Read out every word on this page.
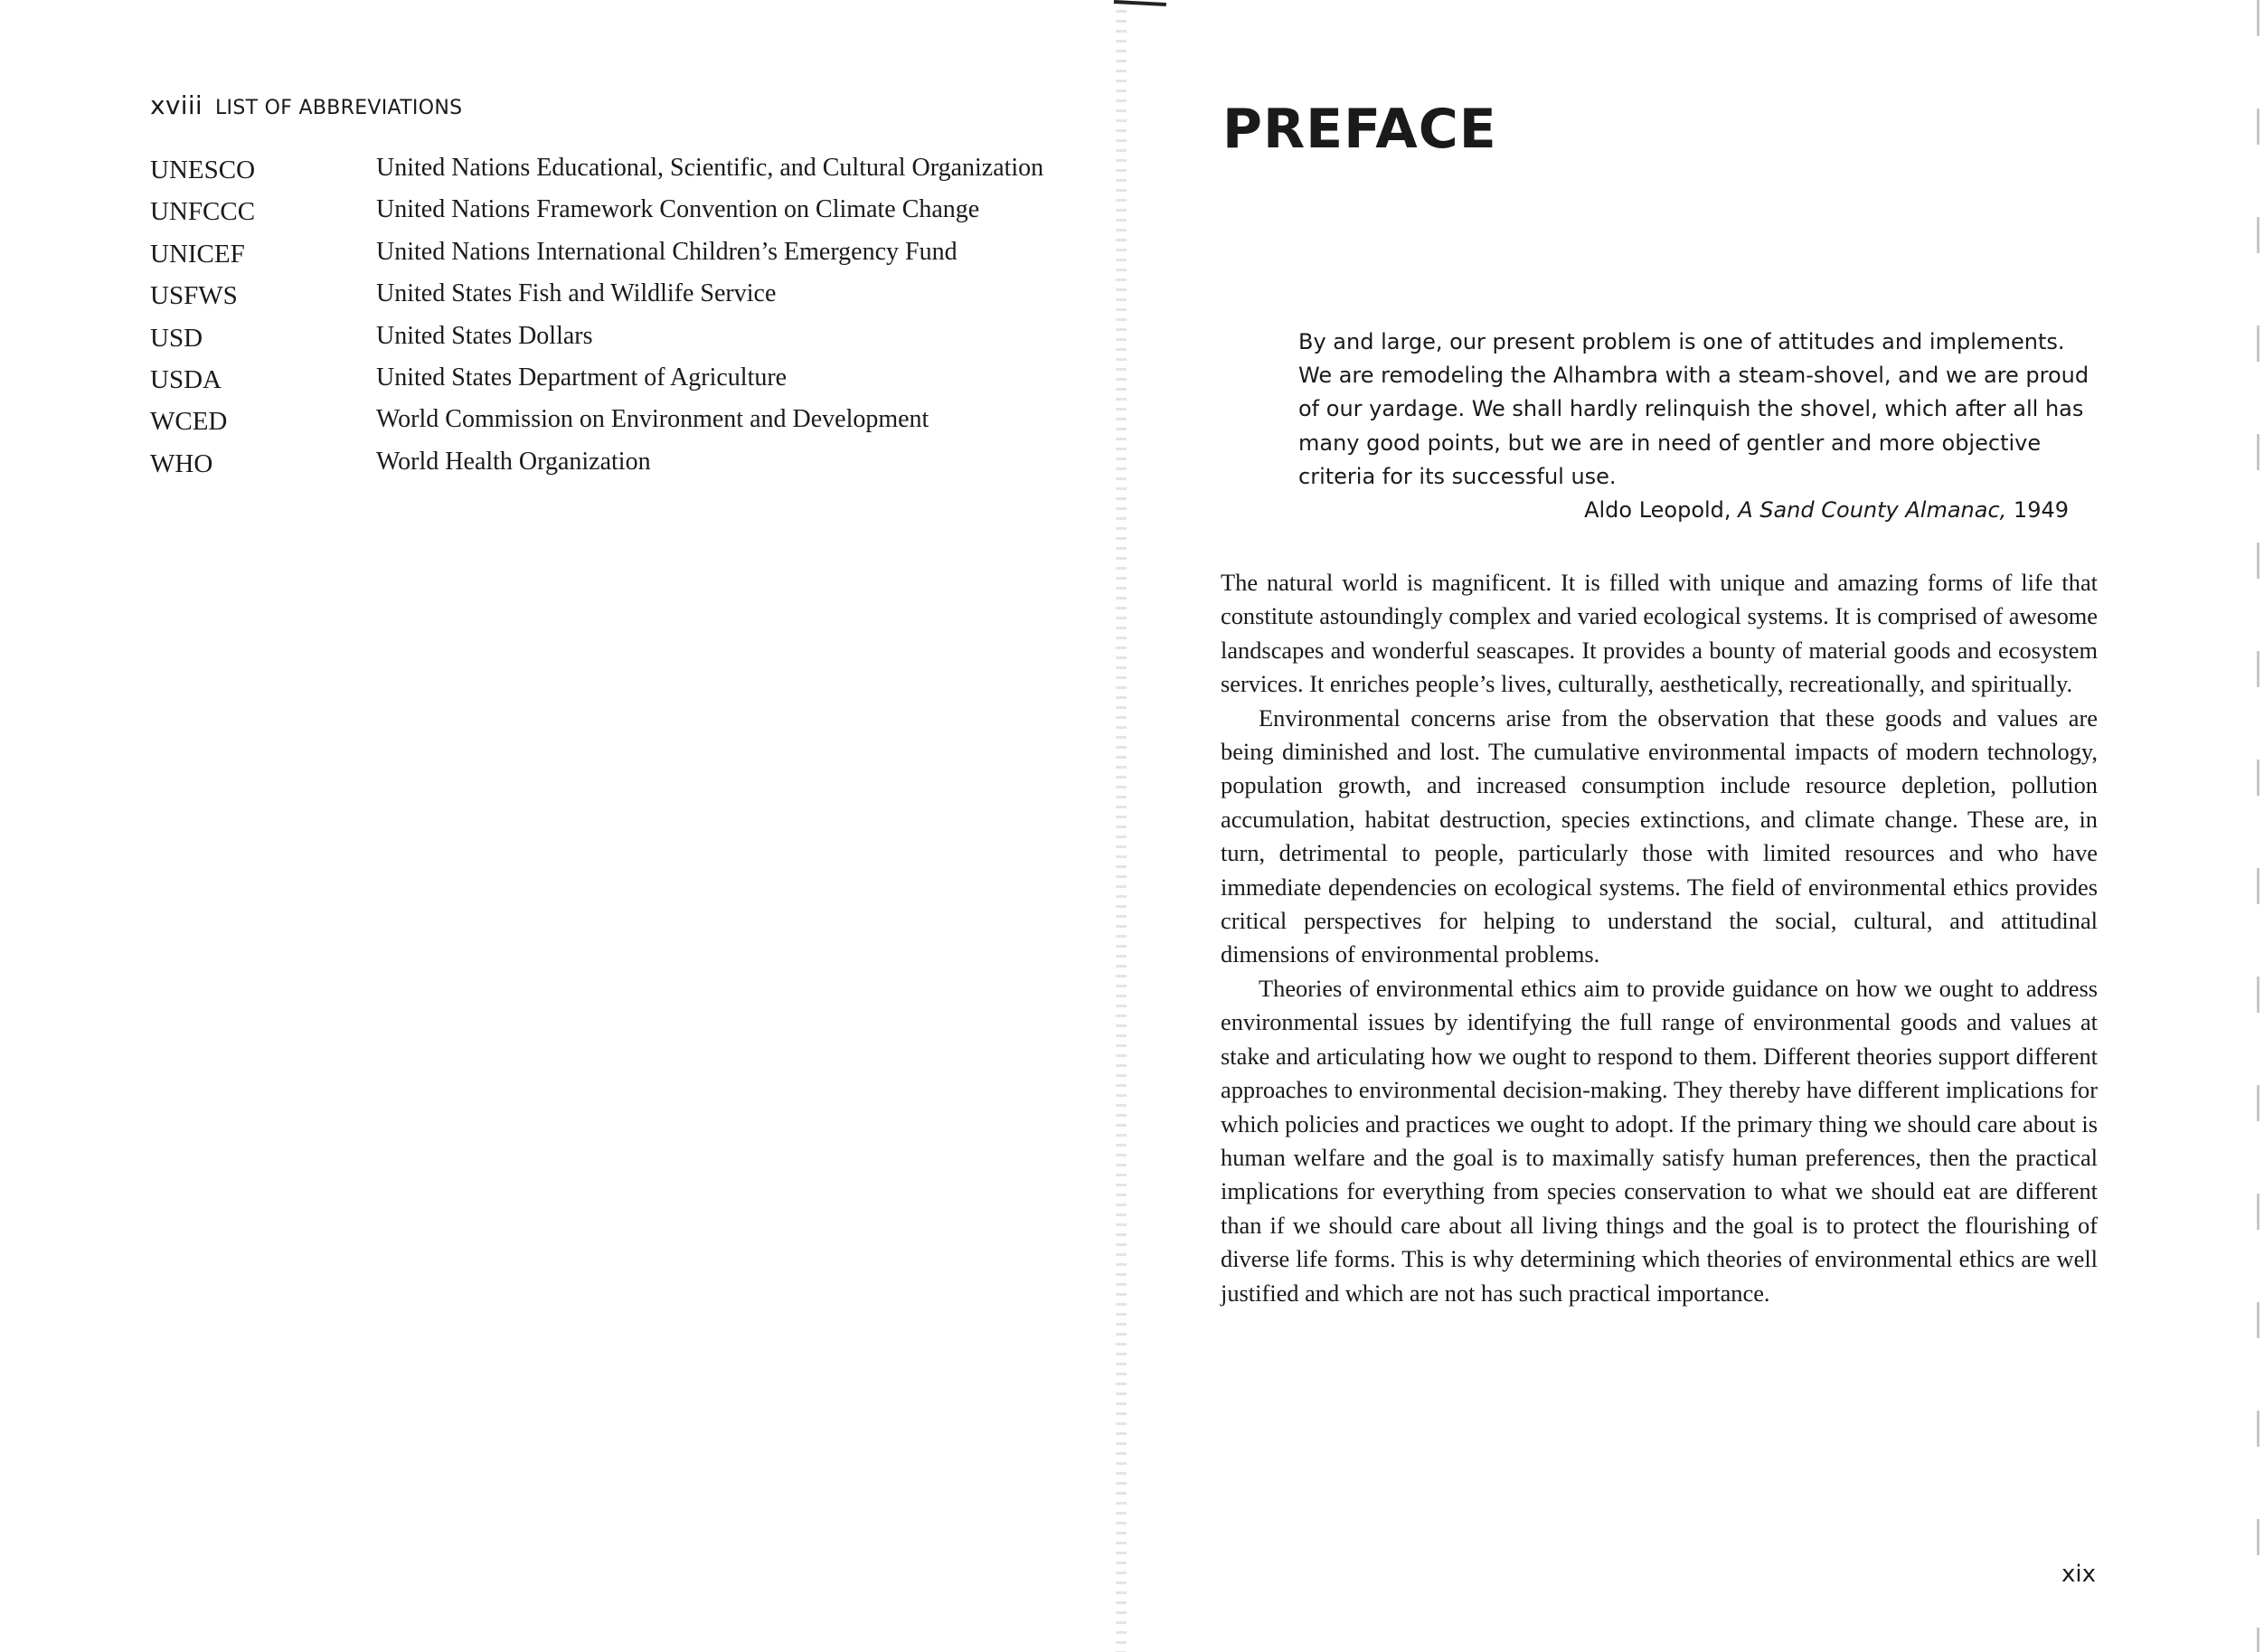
xviii LIST OF ABBREVIATIONS
UNESCO	United Nations Educational, Scientific, and Cultural Organization
UNFCCC	United Nations Framework Convention on Climate Change
UNICEF	United Nations International Children’s Emergency Fund
USFWS	United States Fish and Wildlife Service
USD	United States Dollars
USDA	United States Department of Agriculture
WCED	World Commission on Environment and Development
WHO	World Health Organization
PREFACE
By and large, our present problem is one of attitudes and implements. We are remodeling the Alhambra with a steam-shovel, and we are proud of our yardage. We shall hardly relinquish the shovel, which after all has many good points, but we are in need of gentler and more objective criteria for its successful use.
Aldo Leopold, A Sand County Almanac, 1949

The natural world is magnificent. It is filled with unique and amazing forms of life that constitute astoundingly complex and varied ecological systems. It is comprised of awesome landscapes and wonderful seascapes. It provides a bounty of material goods and ecosystem services. It enriches people’s lives, culturally, aesthetically, recreationally, and spiritually.

Environmental concerns arise from the observation that these goods and values are being diminished and lost. The cumulative environmental impacts of modern technology, population growth, and increased consumption include resource depletion, pollution accumulation, habitat destruction, species extinctions, and climate change. These are, in turn, detrimental to people, particularly those with limited resources and who have immediate dependencies on ecological systems. The field of environmental ethics provides critical perspectives for helping to understand the social, cultural, and attitudinal dimensions of environmental problems.

Theories of environmental ethics aim to provide guidance on how we ought to address environmental issues by identifying the full range of environmental goods and values at stake and articulating how we ought to respond to them. Different theories support different approaches to environmental decision-making. They thereby have different implications for which policies and practices we ought to adopt. If the primary thing we should care about is human welfare and the goal is to maximally satisfy human preferences, then the practical implications for everything from species conservation to what we should eat are different than if we should care about all living things and the goal is to protect the flourishing of diverse life forms. This is why determining which theories of environmental ethics are well justified and which are not has such practical importance.

xix
